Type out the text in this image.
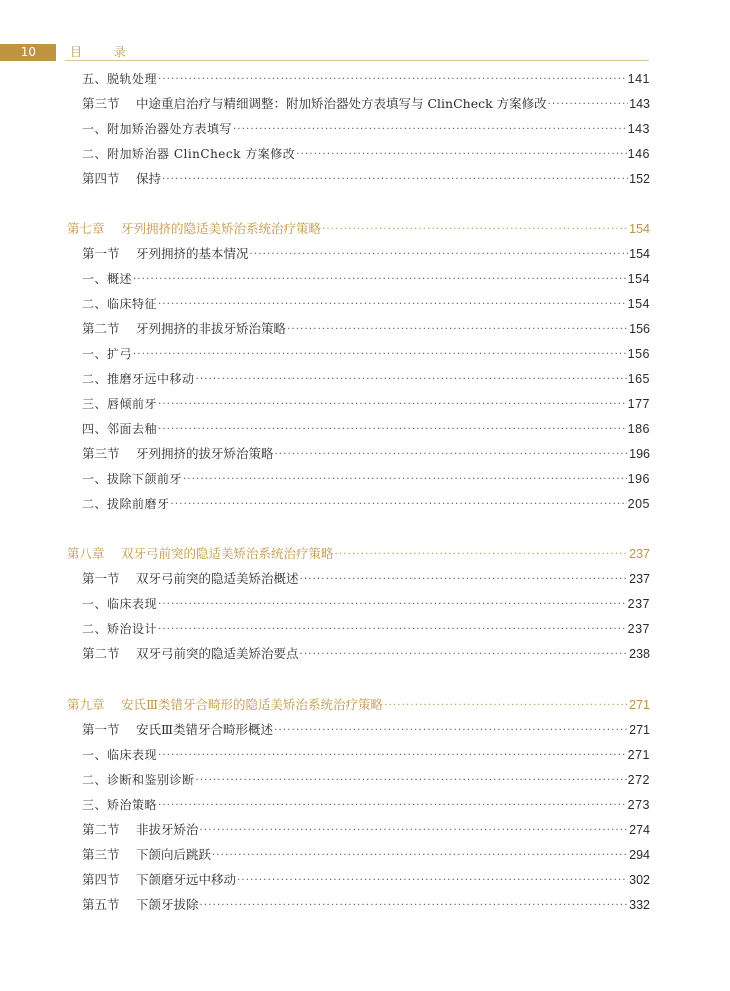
10	目 录
五、脱轨处理 ·····	141
第三节	中途重启治疗与精细调整：附加矫治器处方表填写与 ClinCheck 方案修改 ·····	143
一、附加矫治器处方表填写 ·····	143
二、附加矫治器 ClinCheck 方案修改 ·····	146
第四节	保持 ·····	152
第七章	牙列拥挤的隐适美矫治系统治疗策略 ·····	154
第一节	牙列拥挤的基本情况 ·····	154
一、概述 ·····	154
二、临床特征 ·····	154
第二节	牙列拥挤的非拔牙矫治策略 ·····	156
一、扩弓 ·····	156
二、推磨牙远中移动 ·····	165
三、唇倾前牙 ·····	177
四、邻面去釉 ·····	186
第三节	牙列拥挤的拔牙矫治策略 ·····	196
一、拔除下颌前牙 ·····	196
二、拔除前磨牙 ·····	205
第八章	双牙弓前突的隐适美矫治系统治疗策略 ·····	237
第一节	双牙弓前突的隐适美矫治概述 ·····	237
一、临床表现 ·····	237
二、矫治设计 ·····	237
第二节	双牙弓前突的隐适美矫治要点 ·····	238
第九章	安氏Ⅲ类错牙合畸形的隐适美矫治系统治疗策略 ·····	271
第一节	安氏Ⅲ类错牙合畸形概述 ·····	271
一、临床表现 ·····	271
二、诊断和鉴别诊断 ·····	272
三、矫治策略 ·····	273
第二节	非拔牙矫治 ·····	274
第三节	下颌向后跳跃 ·····	294
第四节	下颌磨牙远中移动 ·····	302
第五节	下颌牙拔除 ·····	332
